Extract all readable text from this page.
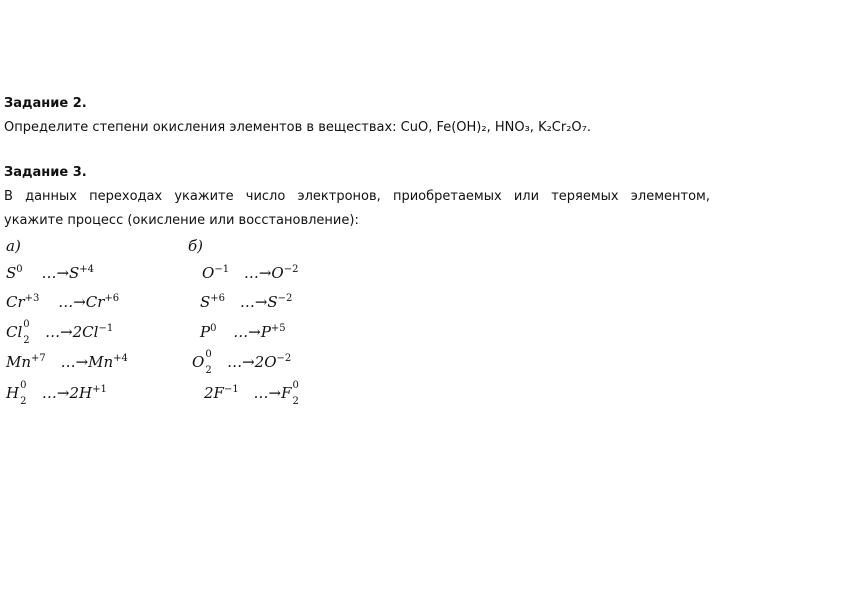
Задание 2.
Определите степени окисления элементов в веществах: CuO, Fe(OH)₂, HNO₃, K₂Cr₂O₇.
Задание 3.
В данных переходах укажите число электронов, приобретаемых или теряемых элементом,
укажите процесс (окисление или восстановление):
а)	б)
$S^0$ $\dots\to S^{+4}$
$Cr^{+3}$ $\dots\to Cr^{+6}$
Cl 0
2 $\dots\to 2Cl^{-1}$
$Mn^{+7}$ $\dots\to Mn^{+4}$
H 0
2 $\dots\to 2H^{+1}$
$O^{-1}$ $\dots\to O^{-2}$
$S^{+6}$ $\dots\to S^{-2}$
$P^0$ $\dots\to P^{+5}$
O 0
2 $\dots\to 2O^{-2}$
$2F^{-1}$ …→F 0
2
